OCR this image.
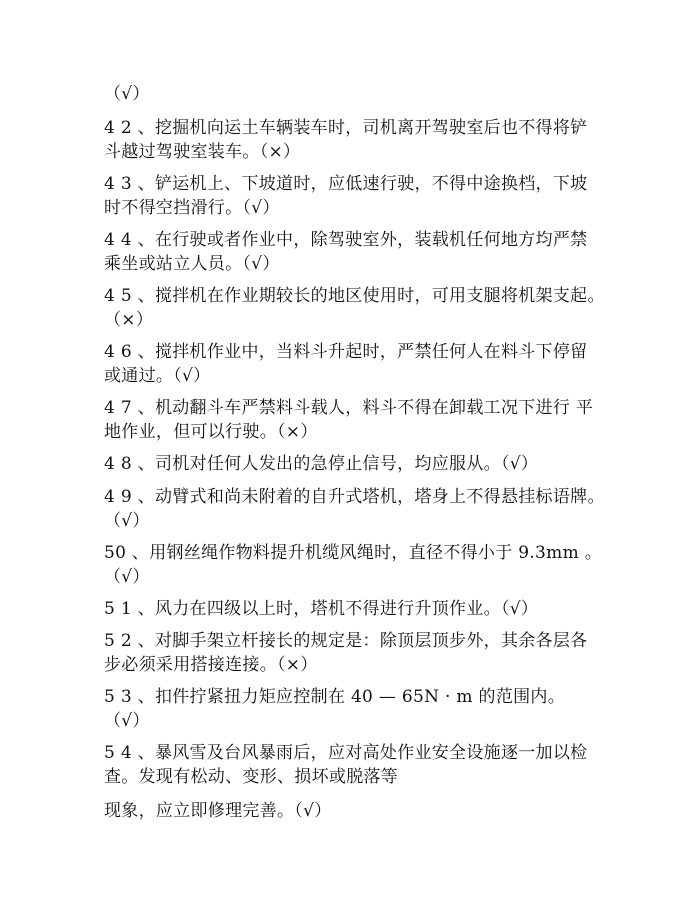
（√）
4 2 、挖掘机向运土车辆装车时，司机离开驾驶室后也不得将铲
斗越过驾驶室装车。（×）
4 3 、铲运机上、下坡道时，应低速行驶，不得中途换档，下坡
时不得空挡滑行。（√）
4 4 、在行驶或者作业中，除驾驶室外，装载机任何地方均严禁
乘坐或站立人员。（√）
4 5 、搅拌机在作业期较长的地区使用时，可用支腿将机架支起。
（×）
4 6 、搅拌机作业中，当料斗升起时，严禁任何人在料斗下停留
或通过。（√）
4 7 、机动翻斗车严禁料斗载人，料斗不得在卸载工况下进行 平
地作业，但可以行驶。（×）
4 8 、司机对任何人发出的急停止信号，均应服从。（√）
4 9 、动臂式和尚未附着的自升式塔机，塔身上不得悬挂标语牌。
（√）
50 、用钢丝绳作物料提升机缆风绳时，直径不得小于 9.3mm 。
（√）
5 1 、风力在四级以上时，塔机不得进行升顶作业。（√）
5 2 、对脚手架立杆接长的规定是：除顶层顶步外，其余各层各
步必须采用搭接连接。（×）
5 3 、扣件拧紧扭力矩应控制在 40 — 65N · m 的范围内。
（√）
5 4 、暴风雪及台风暴雨后，应对高处作业安全设施逐一加以检
查。发现有松动、变形、损坏或脱落等
现象，应立即修理完善。（√）
